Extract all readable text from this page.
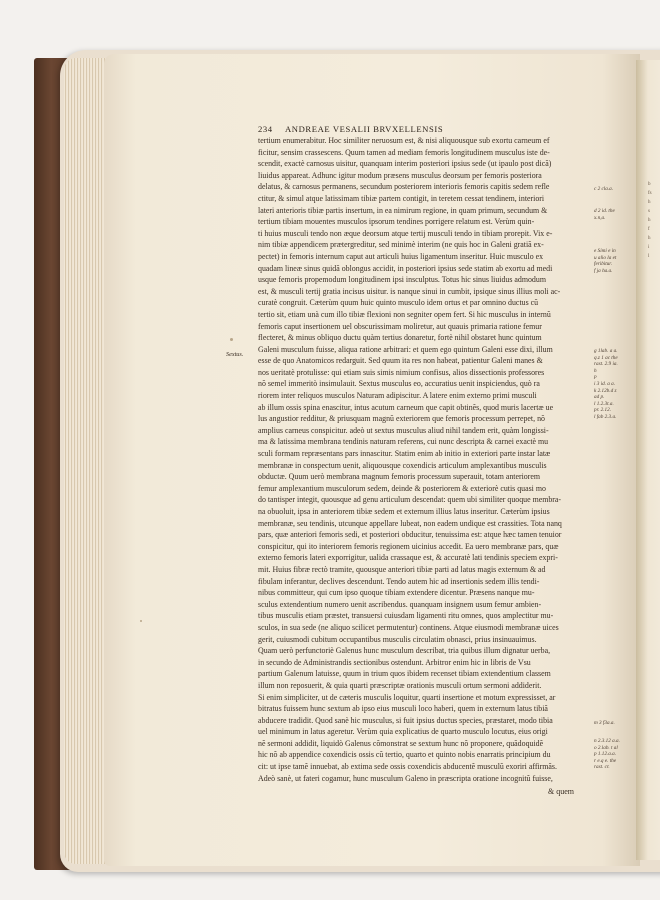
b
fs
h
s
h
f
h
i
l
234 ANDREAE VESALII BRVXELLENSIS
Sextus.
tertium enumerabitur. Hoc similiter neruosum est, & nisi aliquousque sub exortu carneum ef
ficitur, sensim crassescens. Quum tamen ad mediam femoris longitudinem musculus iste de-
scendit, exactè carnosus uisitur, quanquam interim posteriori ipsius sede (ut ipaulo post dicã)
liuidus appareat. Adhunc igitur modum præsens musculus deorsum per femoris posteriora
delatus, & carnosus permanens, secundum posteriorem interioris femoris capitis sedem refle
ctitur, & simul atque latissimam tibiæ partem contigit, in teretem cessat tendinem, interiori
lateri anterioris tibiæ partis insertum, in ea nimirum regione, in quam primum, secundum &
tertium tibiam mouentes musculos ipsorum tendines porrigere relatum est. Verùm quin-
ti huius musculi tendo non æque deorsum atque tertij musculi tendo in tibiam prorepit. Vix e-
nim tibiæ appendicem prætergreditur, sed minimè interim (ne quis hoc in Galeni gratiã ex-
pectet) in femoris internum caput aut articuli huius ligamentum inseritur. Huic musculo ex
quadam lineæ sinus quidã oblongus accidit, in posteriori ipsius sede statim ab exortu ad medi
usque femoris propemodum longitudinem ipsi insculptus. Totus hic sinus liuidus admodum
est, & musculi tertij gratia incisus uisitur. is nanque sinui in cumbit, ipsique sinus illius moli ac-
curatè congruit. Cæterùm quum huic quinto musculo idem ortus et par omnino ductus cũ
tertio sit, etiam unà cum illo tibiæ flexioni non segniter opem fert. Si hic musculus in internũ
femoris caput insertionem uel obscurissimam moliretur, aut quauis primaria ratione femur
flecteret, & minus obliquo ductu quàm tertius donaretur, fortè nihil obstaret hunc quintum
Galeni musculum fuisse, aliqua ratione arbitrari: et quem ego quintum Galeni esse dixi, illum
esse de quo Anatomicos redarguit. Sed quum ita res non habeat, patientur Galeni manes &
nos ueritatè protulisse: qui etiam suis simis nimium confisus, alios dissectionis professores
nõ semel immeritò insimulauit. Sextus musculus eo, accuratius uenit inspiciendus, quò ra
riorem inter reliquos musculos Naturam adipiscitur. A latere enim externo primi musculi
ab illum ossis spina enascitur, intus acutum carneum que capit obtinẽs, quod muris lacertæ ue
lus angustior redditur, & priusquam magnũ exteriorem que femoris processum perrepet, nõ
amplius carneus conspicitur. adeò ut sextus musculus aliud nihil tandem erit, quàm longissi-
ma & latissima membrana tendinis naturam referens, cui nunc descripta & carnei exactè mu
sculi formam repræsentans pars innascitur. Statim enim ab initio in exteriori parte instar latæ
membranæ in conspectum uenit, aliquousque coxendicis articulum amplexantibus musculis
obductæ. Quum uerò membrana magnum femoris processum superauit, totam anteriorem
femur amplexantium musculorum sedem, deinde & posteriorem & exteriorè cutis quasi mo
do tantisper integit, quousque ad genu articulum descendat: quem ubi similiter quoque membra-
na obuoluit, ipsa in anteriorem tibiæ sedem et externum illius latus inseritur. Cæterùm ipsius
membranæ, seu tendinis, utcunque appellare lubeat, non eadem undique est crassities. Tota nanq
pars, quæ anteriori femoris sedi, et posteriori obducitur, tenuissima est: atque hæc tamen tenuior
conspicitur, qui ito interiorem femoris regionem uicinius accedit. Ea uero membranæ pars, quæ
externo femoris lateri exporrigitur, ualida crassaque est, & accuratè lati tendinis speciem expri-
mit. Huius fibræ rectò tramite, quousque anteriori tibiæ parti ad latus magis externum & ad
fibulam inferantur, declives descendunt. Tendo autem hic ad insertionis sedem illis tendi-
nibus committeur, qui cum ipso quoque tibiam extendere dicentur. Præsens nanque mu-
sculus extendentium numero uenit ascribendus. quanquam insignem usum femur ambien-
tibus musculis etiam præstet, transuersi cuiusdam ligamenti ritu omnes, quos amplectitur mu-
sculos, in sua sede (ne aliquo scilicet permutentur) continens. Atque eiusmodi membranæ uices
gerit, cuiusmodi cubitum occupantibus musculis circulatim obnasci, prius insinuauimus.
Quam uerò perfunctoriè Galenus hunc musculum describat, tria quibus illum dignatur uerba,
in secundo de Administrandis sectionibus ostendunt. Arbitror enim hic in libris de Vsu
partium Galenum latuisse, quum in trium quos ibidem recenset tibiam extendentium classem
illum non reposuerit, & quia quarti præscriptæ orationis musculi ortum sermoni addiderit.
Si enim simpliciter, ut de cæteris musculis loquitur, quarti insertione et motum expressisset, ar
bitratus fuissem hunc sextum ab ipso eius musculi loco haberi, quem in externum latus tibiã
abducere tradidit. Quod sanè hic musculus, si fuit ipsius ductus species, præstaret, modo tibia
uel minimum in latus ageretur. Verùm quia explicatius de quarto musculo locutus, eius origi
nẽ sermoni addidit, liquidò Galenus cõmonstrat se sextum hunc nõ proponere, quãdoquidẽ
hic nõ ab appendice coxendicis ossis cũ tertio, quarto et quinto nobis enarratis principium du
cit: ut ipse tamẽ innuebat, ab extima sede ossis coxendicis abducentẽ musculũ exoriri affirmãs.
Adeò sanè, ut fateri cogamur, hunc musculum Galeno in præscripta oratione incognitũ fuisse,
& quem
c 2 cla.a.
d 2 id. the
x.n,a.
e Simi e in
u alio la et
feribitur.
f ja ha.a.
g 1lab. a a.
q.z 1 ac the
rast. 2.9 ia.
h
p
i 3 id. a a.
k 2.12b.d z
ad p.
l 1.2.3t.a.
pr. 2.12.
l fab 2.3.a.
m 3 f3a.a.
n 2.3.12 a.a.
o 2.lab. t al
p 1.12.a.a.
r e.q e. the
rast. cr.
